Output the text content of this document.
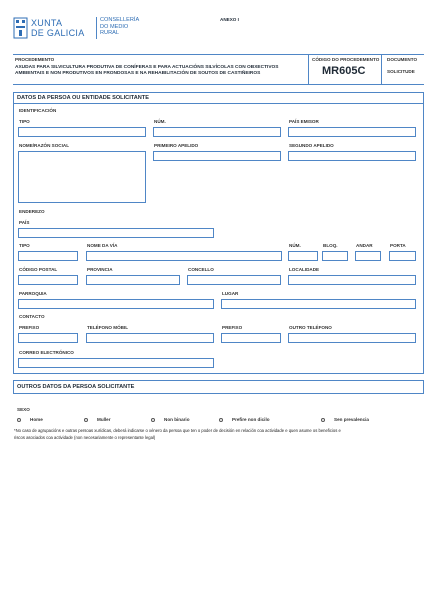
XUNTA
DE GALICIA
CONSELLERÍA
DO MEDIO
RURAL
ANEXO I
PROCEDEMENTO
AXUDAS PARA SILVICULTURA PRODUTIVA DE CONÍFERAS E PARA ACTUACIÓNS SILVÍCOLAS CON OBXECTIVOS
AMBIENTAIS E NON PRODUTIVOS EN FRONDOSAS E NA REHABILITACIÓN DE SOUTOS DE CASTIÑEIROS
CÓDIGO DO PROCEDEMENTO
MR605C
DOCUMENTO
SOLICITUDE
DATOS DA PERSOA OU ENTIDADE SOLICITANTE
IDENTIFICACIÓN
TIPO	NÚM.	PAÍS EMISOR
NOME/RAZÓN SOCIAL	PRIMEIRO APELIDO	SEGUNDO APELIDO
ENDEREZO
PAÍS
TIPO	NOME DA VÍA	NÚM.	BLOQ.	ANDAR	PORTA
CÓDIGO POSTAL	PROVINCIA	CONCELLO	LOCALIDADE
PARROQUIA	LUGAR
CONTACTO
PREFIXO	TELÉFONO MÓBIL	PREFIXO	OUTRO TELÉFONO
CORREO ELECTRÓNICO
OUTROS DATOS DA PERSOA SOLICITANTE
SEXO
Home	Muller	Non binario	Prefire non dicilo	Sen prevalencia
*No caso de agrupacións e outras persoas xurídicas, deberá indicarse o xénero da persoa que ten o poder de decisión en relación coa actividade e quen asume os beneficios e
riscos asociados coa actividade (non necesariamente o representante legal)
